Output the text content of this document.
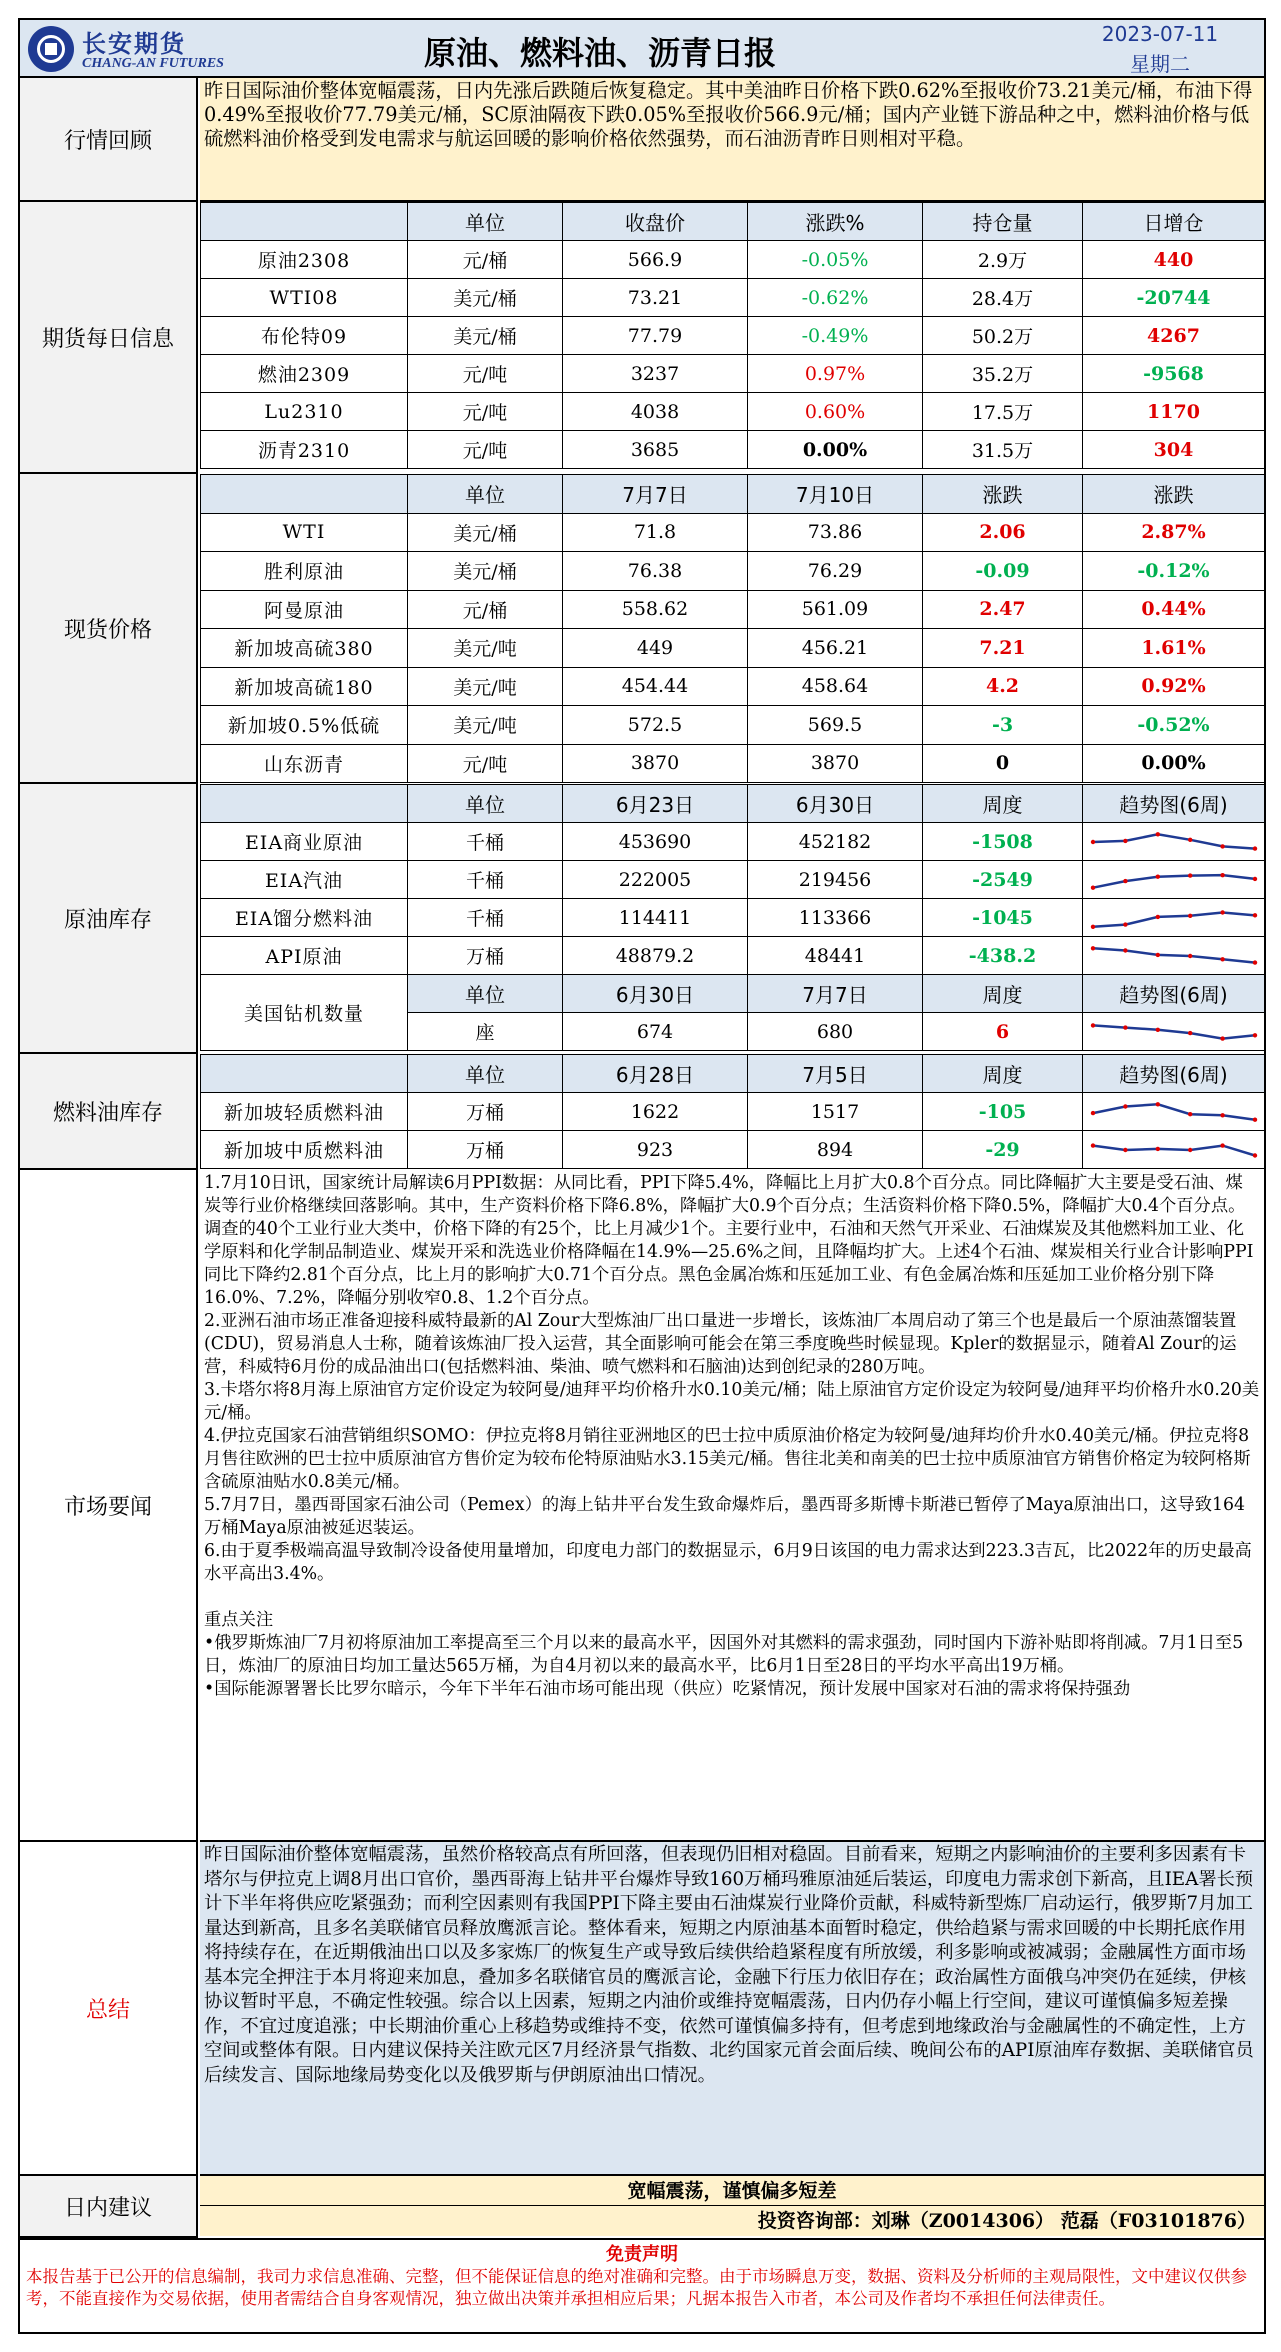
长安期货
CHANG-AN FUTURES	原油、燃料油、沥青日报	2023-07-11
星期二
行情回顾
昨日国际油价整体宽幅震荡，日内先涨后跌随后恢复稳定。其中美油昨日价格下跌0.62%至报收价73.21美元/桶，布油下得0.49%至报收价77.79美元/桶，SC原油隔夜下跌0.05%至报收价566.9元/桶；国内产业链下游品种之中，燃料油价格与低硫燃料油价格受到发电需求与航运回暖的影响价格依然强势，而石油沥青昨日则相对平稳。
期货每日信息
	单位	收盘价	涨跌%	持仓量	日增仓
原油2308	元/桶	566.9	-0.05%	2.9万	440
WTI08	美元/桶	73.21	-0.62%	28.4万	-20744
布伦特09	美元/桶	77.79	-0.49%	50.2万	4267
燃油2309	元/吨	3237	0.97%	35.2万	-9568
Lu2310	元/吨	4038	0.60%	17.5万	1170
沥青2310	元/吨	3685	0.00%	31.5万	304
现货价格
	单位	7月7日	7月10日	涨跌	涨跌
WTI	美元/桶	71.8	73.86	2.06	2.87%
胜利原油	美元/桶	76.38	76.29	-0.09	-0.12%
阿曼原油	元/桶	558.62	561.09	2.47	0.44%
新加坡高硫380	美元/吨	449	456.21	7.21	1.61%
新加坡高硫180	美元/吨	454.44	458.64	4.2	0.92%
新加坡0.5%低硫	美元/吨	572.5	569.5	-3	-0.52%
山东沥青	元/吨	3870	3870	0	0.00%
原油库存
	单位	6月23日	6月30日	周度	趋势图(6周)
EIA商业原油	千桶	453690	452182	-1508	

EIA汽油	千桶	222005	219456	-2549	

EIA馏分燃料油	千桶	114411	113366	-1045	

API原油	万桶	48879.2	48441	-438.2	

美国钻机数量	单位	6月30日	7月7日	周度	趋势图(6周)
	座	674	680	6	
燃料油库存
	单位	6月28日	7月5日	周度	趋势图(6周)
新加坡轻质燃料油	万桶	1622	1517	-105	

新加坡中质燃料油	万桶	923	894	-29	
市场要闻

1.7月10日讯，国家统计局解读6月PPI数据：从同比看，PPI下降5.4%，降幅比上月扩大0.8个百分点。同比降幅扩大主要是受石油、煤炭等行业价格继续回落影响。其中，生产资料价格下降6.8%，降幅扩大0.9个百分点；生活资料价格下降0.5%，降幅扩大0.4个百分点。调查的40个工业行业大类中，价格下降的有25个，比上月减少1个。主要行业中，石油和天然气开采业、石油煤炭及其他燃料加工业、化学原料和化学制品制造业、煤炭开采和洗选业价格降幅在14.9%—25.6%之间，且降幅均扩大。上述4个石油、煤炭相关行业合计影响PPI同比下降约2.81个百分点，比上月的影响扩大0.71个百分点。黑色金属冶炼和压延加工业、有色金属冶炼和压延加工业价格分别下降16.0%、7.2%，降幅分别收窄0.8、1.2个百分点。

2.亚洲石油市场正准备迎接科威特最新的Al Zour大型炼油厂出口量进一步增长，该炼油厂本周启动了第三个也是最后一个原油蒸馏装置(CDU)，贸易消息人士称，随着该炼油厂投入运营，其全面影响可能会在第三季度晚些时候显现。Kpler的数据显示，随着Al Zour的运营，科威特6月份的成品油出口(包括燃料油、柴油、喷气燃料和石脑油)达到创纪录的280万吨。

3.卡塔尔将8月海上原油官方定价设定为较阿曼/迪拜平均价格升水0.10美元/桶；陆上原油官方定价设定为较阿曼/迪拜平均价格升水0.20美元/桶。

4.伊拉克国家石油营销组织SOMO：伊拉克将8月销往亚洲地区的巴士拉中质原油价格定为较阿曼/迪拜均价升水0.40美元/桶。伊拉克将8月售往欧洲的巴士拉中质原油官方售价定为较布伦特原油贴水3.15美元/桶。售往北美和南美的巴士拉中质原油官方销售价格定为较阿格斯含硫原油贴水0.8美元/桶。

5.7月7日，墨西哥国家石油公司（Pemex）的海上钻井平台发生致命爆炸后，墨西哥多斯博卡斯港已暂停了Maya原油出口，这导致164万桶Maya原油被延迟装运。

6.由于夏季极端高温导致制冷设备使用量增加，印度电力部门的数据显示，6月9日该国的电力需求达到223.3吉瓦，比2022年的历史最高水平高出3.4%。

重点关注

•俄罗斯炼油厂7月初将原油加工率提高至三个月以来的最高水平，因国外对其燃料的需求强劲，同时国内下游补贴即将削减。7月1日至5日，炼油厂的原油日均加工量达565万桶，为自4月初以来的最高水平，比6月1日至28日的平均水平高出19万桶。

•国际能源署署长比罗尔暗示，今年下半年石油市场可能出现（供应）吃紧情况，预计发展中国家对石油的需求将保持强劲

总结
昨日国际油价整体宽幅震荡，虽然价格较高点有所回落，但表现仍旧相对稳固。目前看来，短期之内影响油价的主要利多因素有卡塔尔与伊拉克上调8月出口官价，墨西哥海上钻井平台爆炸导致160万桶玛雅原油延后装运，印度电力需求创下新高，且IEA署长预计下半年将供应吃紧强劲；而利空因素则有我国PPI下降主要由石油煤炭行业降价贡献，科威特新型炼厂启动运行，俄罗斯7月加工量达到新高，且多名美联储官员释放鹰派言论。整体看来，短期之内原油基本面暂时稳定，供给趋紧与需求回暖的中长期托底作用将持续存在，在近期俄油出口以及多家炼厂的恢复生产或导致后续供给趋紧程度有所放缓，利多影响或被减弱；金融属性方面市场基本完全押注于本月将迎来加息，叠加多名联储官员的鹰派言论，金融下行压力依旧存在；政治属性方面俄乌冲突仍在延续，伊核协议暂时平息，不确定性较强。综合以上因素，短期之内油价或维持宽幅震荡，日内仍存小幅上行空间，建议可谨慎偏多短差操作，不宜过度追涨；中长期油价重心上移趋势或维持不变，依然可谨慎偏多持有，但考虑到地缘政治与金融属性的不确定性，上方空间或整体有限。日内建议保持关注欧元区7月经济景气指数、北约国家元首会面后续、晚间公布的API原油库存数据、美联储官员后续发言、国际地缘局势变化以及俄罗斯与伊朗原油出口情况。
日内建议
宽幅震荡，谨慎偏多短差
投资咨询部：刘琳（Z0014306） 范磊（F03101876）
免责声明
本报告基于已公开的信息编制，我司力求信息准确、完整，但不能保证信息的绝对准确和完整。由于市场瞬息万变，数据、资料及分析师的主观局限性，文中建议仅供参考，不能直接作为交易依据，使用者需结合自身客观情况，独立做出决策并承担相应后果；凡据本报告入市者，本公司及作者均不承担任何法律责任。
